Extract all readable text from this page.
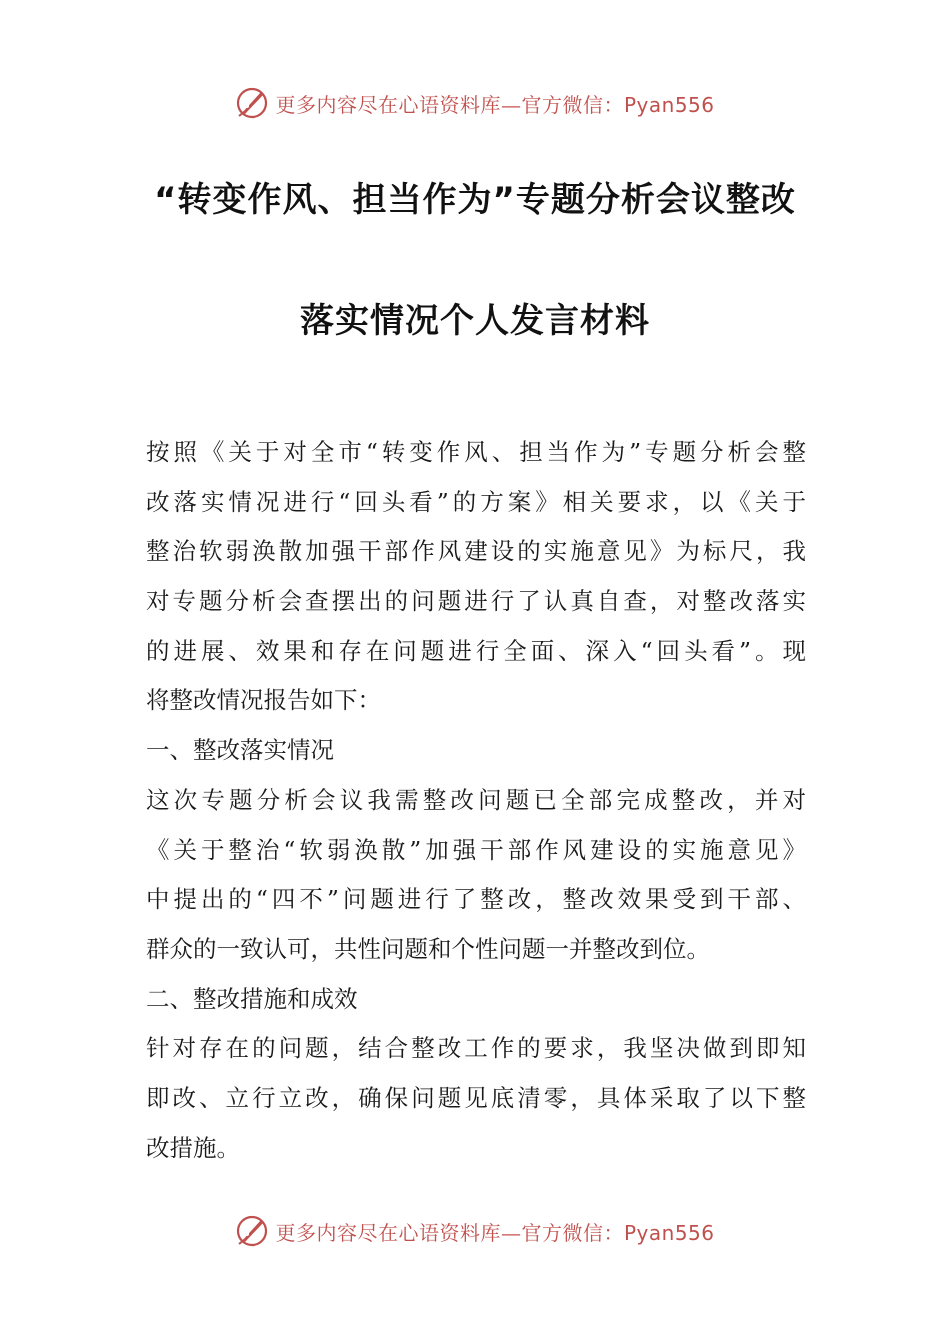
更多内容尽在心语资料库—官方微信：Pyan556
“转变作风、担当作为”专题分析会议整改
落实情况个人发言材料
按照《关于对全市“转变作风、担当作为”专题分析会整
改落实情况进行“回头看”的方案》相关要求，以《关于
整治软弱涣散加强干部作风建设的实施意见》为标尺，我
对专题分析会查摆出的问题进行了认真自查，对整改落实
的进展、效果和存在问题进行全面、深入“回头看”。现
将整改情况报告如下：
一、整改落实情况
这次专题分析会议我需整改问题已全部完成整改，并对
《关于整治“软弱涣散”加强干部作风建设的实施意见》
中提出的“四不”问题进行了整改，整改效果受到干部、
群众的一致认可，共性问题和个性问题一并整改到位。
二、整改措施和成效
针对存在的问题，结合整改工作的要求，我坚决做到即知
即改、立行立改，确保问题见底清零，具体采取了以下整
改措施。
更多内容尽在心语资料库—官方微信：Pyan556
